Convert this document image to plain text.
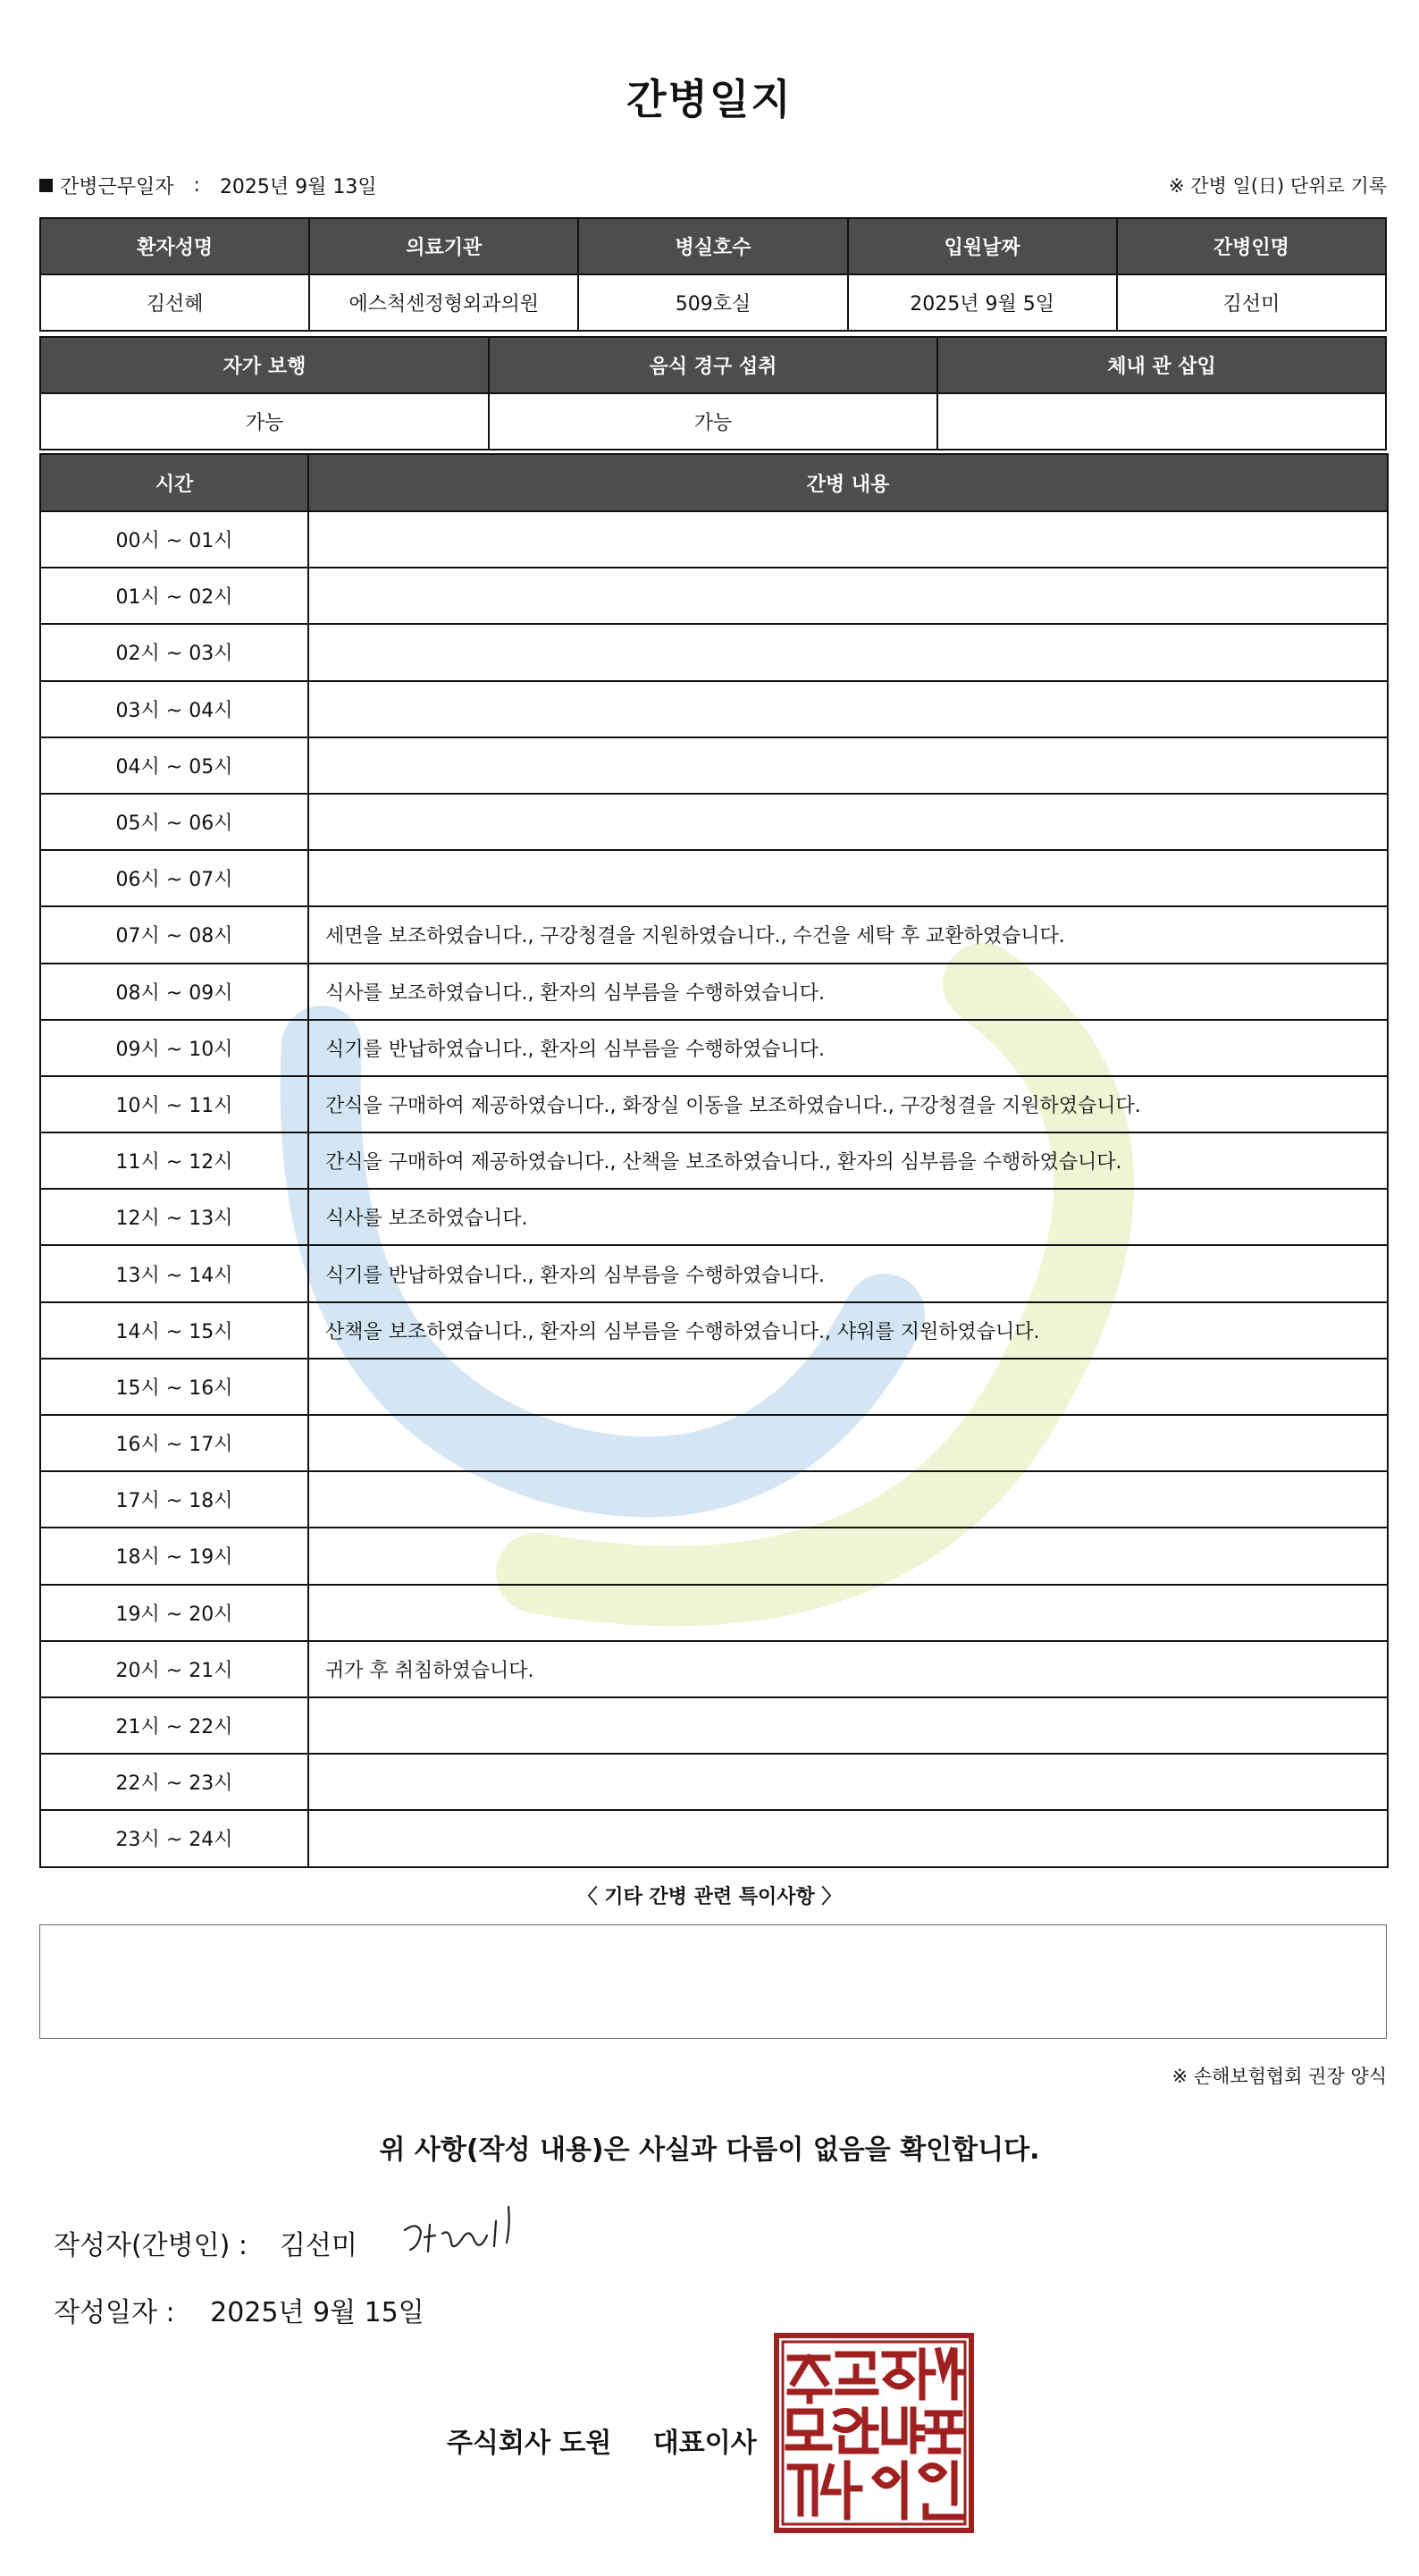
간병일지
간병근무일자 : 2025년 9월 13일	※ 간병 일(日) 단위로 기록
환자성명	의료기관	병실호수	입원날짜	간병인명
김선혜	에스척센정형외과의원	509호실	2025년 9월 5일	김선미
자가 보행	음식 경구 섭취	체내 관 삽입
가능	가능	
시간	간병 내용
00시 ~ 01시	
01시 ~ 02시	
02시 ~ 03시	
03시 ~ 04시	
04시 ~ 05시	
05시 ~ 06시	
06시 ~ 07시	
07시 ~ 08시	세면을 보조하였습니다., 구강청결을 지원하였습니다., 수건을 세탁 후 교환하였습니다.
08시 ~ 09시	식사를 보조하였습니다., 환자의 심부름을 수행하였습니다.
09시 ~ 10시	식기를 반납하였습니다., 환자의 심부름을 수행하였습니다.
10시 ~ 11시	간식을 구매하여 제공하였습니다., 화장실 이동을 보조하였습니다., 구강청결을 지원하였습니다.
11시 ~ 12시	간식을 구매하여 제공하였습니다., 산책을 보조하였습니다., 환자의 심부름을 수행하였습니다.
12시 ~ 13시	식사를 보조하였습니다.
13시 ~ 14시	식기를 반납하였습니다., 환자의 심부름을 수행하였습니다.
14시 ~ 15시	산책을 보조하였습니다., 환자의 심부름을 수행하였습니다., 샤워를 지원하였습니다.
15시 ~ 16시	
16시 ~ 17시	
17시 ~ 18시	
18시 ~ 19시	
19시 ~ 20시	
20시 ~ 21시	귀가 후 취침하였습니다.
21시 ~ 22시	
22시 ~ 23시	
23시 ~ 24시	
〈 기타 간병 관련 특이사항 〉
※ 손해보험협회 권장 양식
위 사항(작성 내용)은 사실과 다름이 없음을 확인합니다.
작성자(간병인) : 김선미
작성일자 : 2025년 9월 15일
주식회사 도원 대표이사
